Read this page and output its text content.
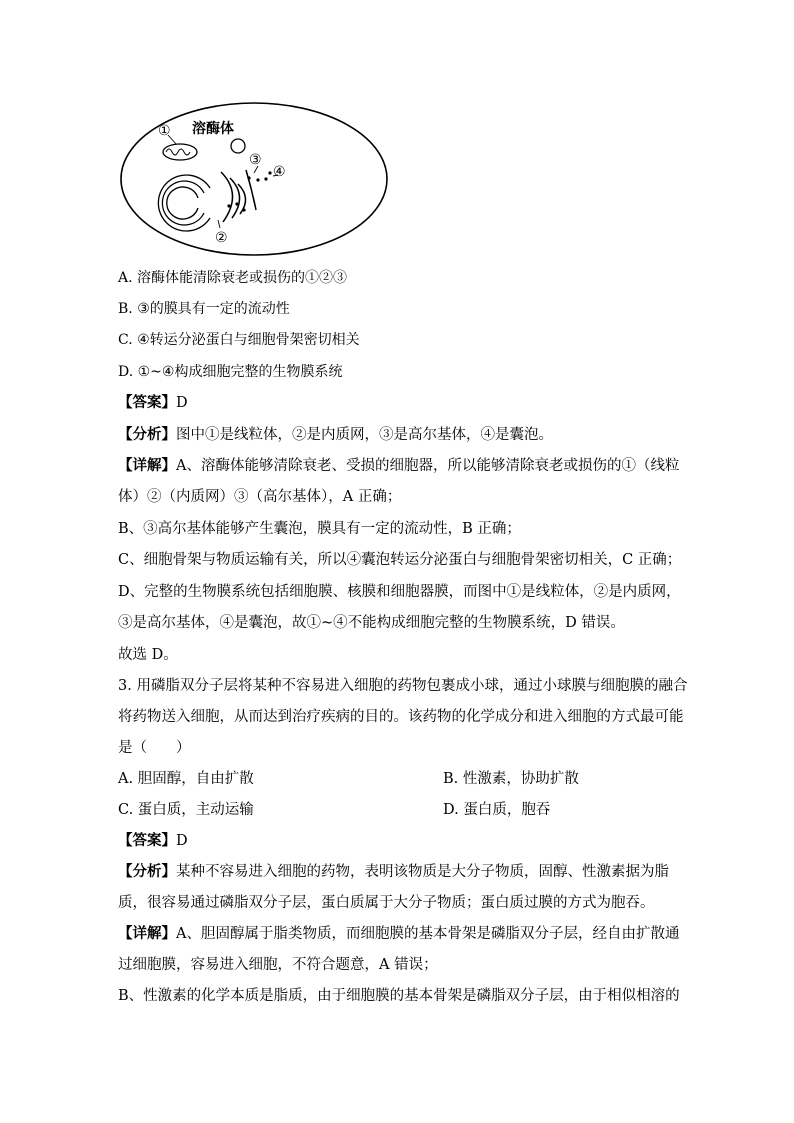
① 溶酶体
③
④
②
A. 溶酶体能清除衰老或损伤的①②③
B. ③的膜具有一定的流动性
C. ④转运分泌蛋白与细胞骨架密切相关
D. ①~④构成细胞完整的生物膜系统
【答案】D
【分析】图中①是线粒体，②是内质网，③是高尔基体，④是囊泡。
【详解】A、溶酶体能够清除衰老、受损的细胞器，所以能够清除衰老或损伤的①（线粒
体）②（内质网）③（高尔基体），A 正确；
B、③高尔基体能够产生囊泡，膜具有一定的流动性，B 正确；
C、细胞骨架与物质运输有关，所以④囊泡转运分泌蛋白与细胞骨架密切相关，C 正确；
D、完整的生物膜系统包括细胞膜、核膜和细胞器膜，而图中①是线粒体，②是内质网，
③是高尔基体，④是囊泡，故①~④不能构成细胞完整的生物膜系统，D 错误。
故选 D。
3. 用磷脂双分子层将某种不容易进入细胞的药物包裹成小球，通过小球膜与细胞膜的融合
将药物送入细胞，从而达到治疗疾病的目的。该药物的化学成分和进入细胞的方式最可能
是（　　）
A. 胆固醇，自由扩散	B. 性激素，协助扩散
C. 蛋白质，主动运输	D. 蛋白质，胞吞
【答案】D
【分析】某种不容易进入细胞的药物，表明该物质是大分子物质，固醇、性激素据为脂
质，很容易通过磷脂双分子层，蛋白质属于大分子物质；蛋白质过膜的方式为胞吞。
【详解】A、胆固醇属于脂类物质，而细胞膜的基本骨架是磷脂双分子层，经自由扩散通
过细胞膜，容易进入细胞，不符合题意，A 错误；
B、性激素的化学本质是脂质，由于细胞膜的基本骨架是磷脂双分子层，由于相似相溶的
